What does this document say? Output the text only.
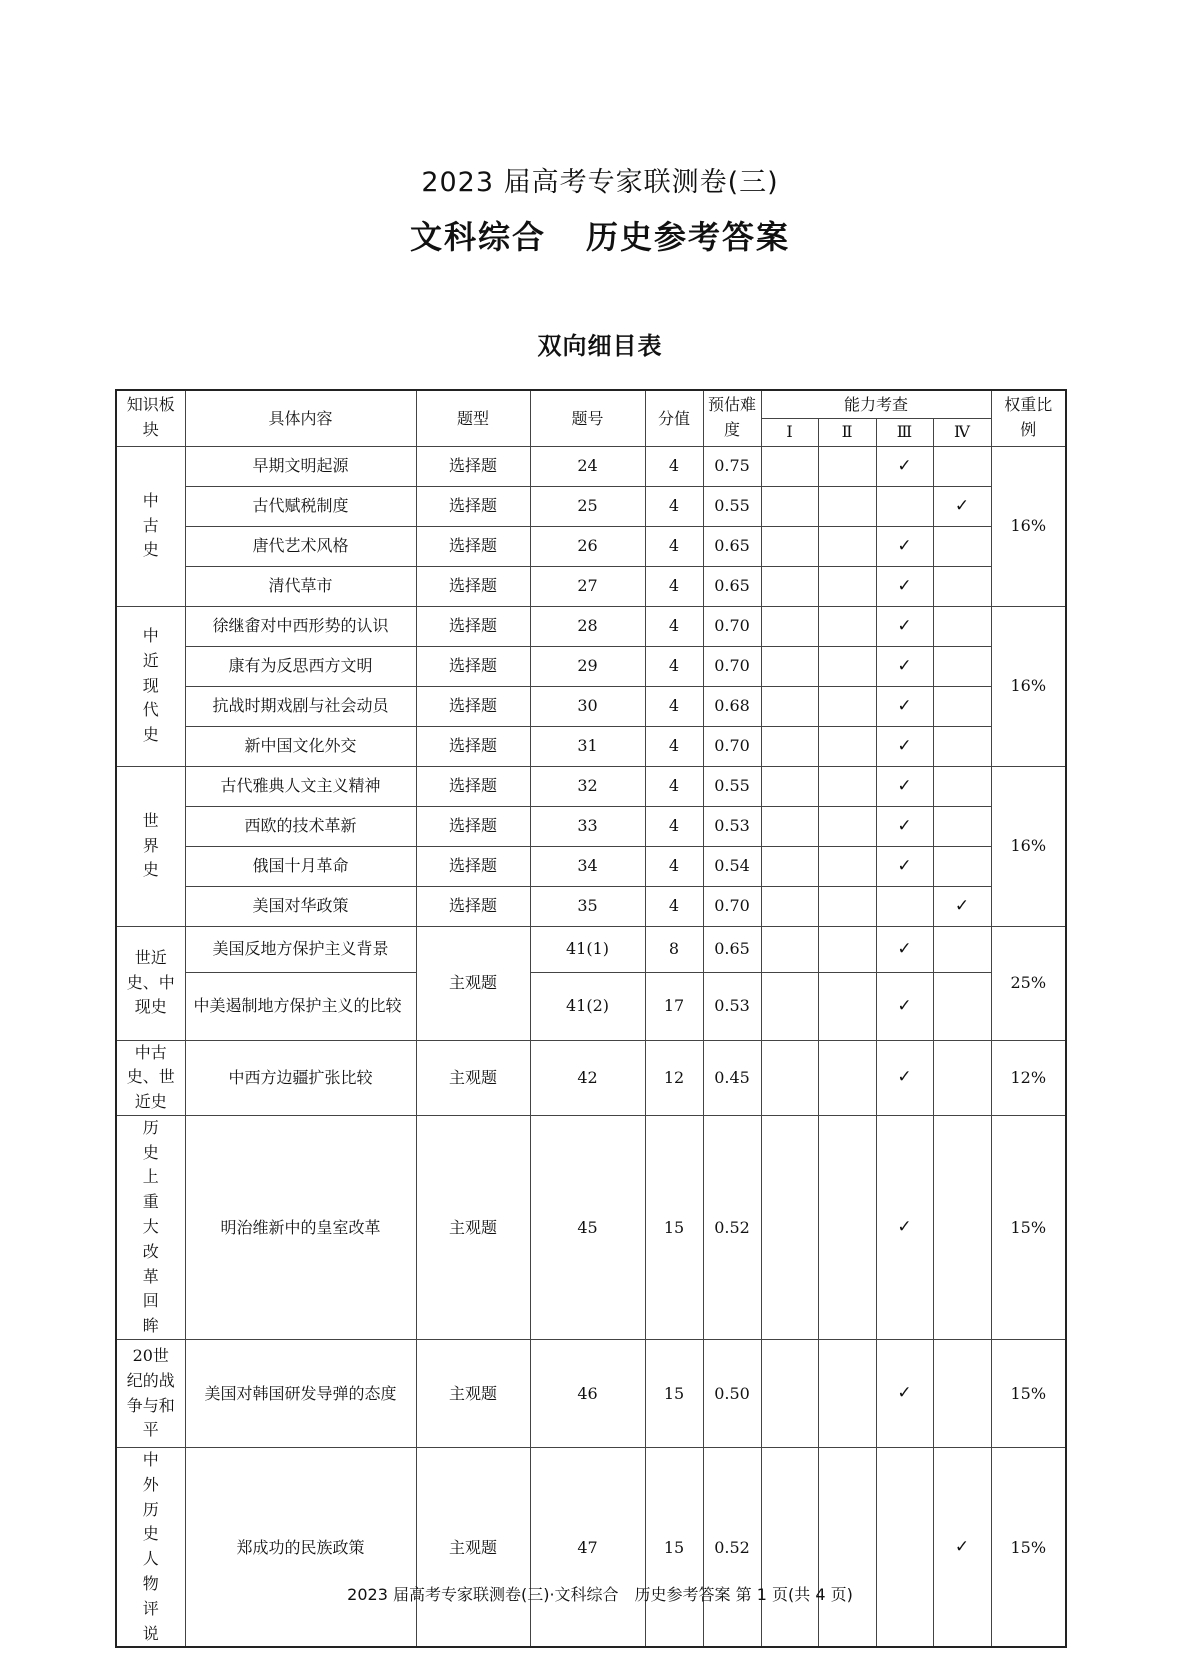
2023 届高考专家联测卷(三)
文科综合 历史参考答案
双向细目表
知识板块	具体内容	题型	题号	分值	预估难度	能力考查				权重比例
						Ⅰ	Ⅱ	Ⅲ	Ⅳ	
中古史	早期文明起源	选择题	24	4	0.75			✓		16%
	古代赋税制度	选择题	25	4	0.55				✓	
	唐代艺术风格	选择题	26	4	0.65			✓		
	清代草市	选择题	27	4	0.65			✓		
中近现代史	徐继畬对中西形势的认识	选择题	28	4	0.70			✓		16%
	康有为反思西方文明	选择题	29	4	0.70			✓		
	抗战时期戏剧与社会动员	选择题	30	4	0.68			✓		
	新中国文化外交	选择题	31	4	0.70			✓		
世界史	古代雅典人文主义精神	选择题	32	4	0.55			✓		16%
	西欧的技术革新	选择题	33	4	0.53			✓		
	俄国十月革命	选择题	34	4	0.54			✓		
	美国对华政策	选择题	35	4	0.70				✓	
世近史、中现史	美国反地方保护主义背景	主观题	41(1)	8	0.65			✓		25%
	中美遏制地方保护主义的比较		41(2)	17	0.53			✓		
中古史、世近史	中西方边疆扩张比较	主观题	42	12	0.45			✓		12%
历史上重大改革回眸	明治维新中的皇室改革	主观题	45	15	0.52			✓		15%
20世纪的战争与和平	美国对韩国研发导弹的态度	主观题	46	15	0.50			✓		15%
中外历史人物评说	郑成功的民族政策	主观题	47	15	0.52				✓	15%
2023 届高考专家联测卷(三)·文科综合　历史参考答案 第 1 页(共 4 页)
